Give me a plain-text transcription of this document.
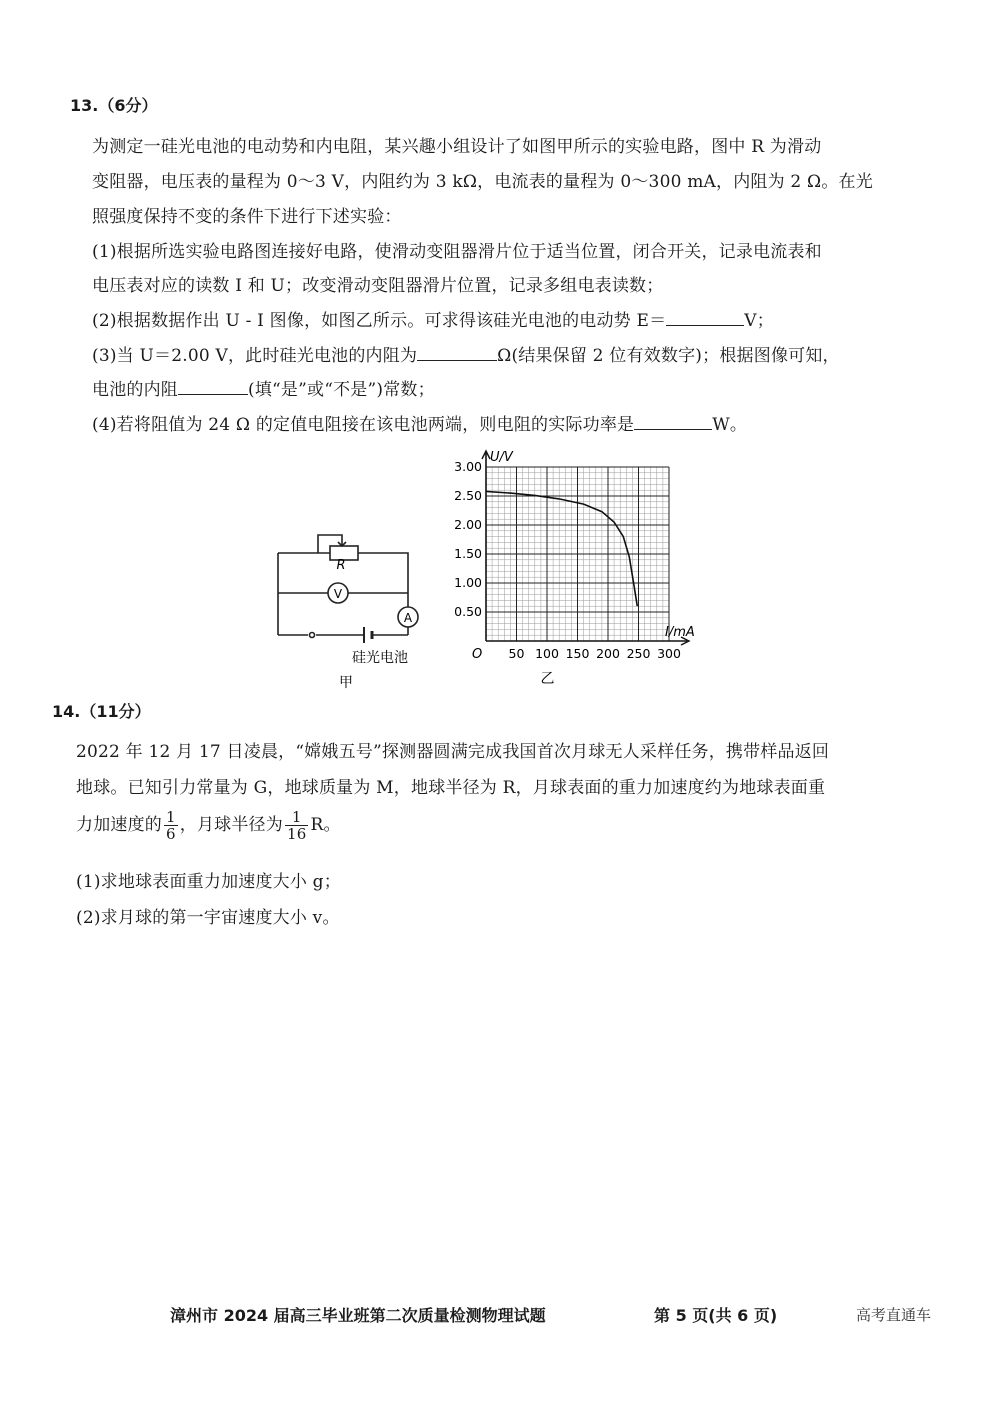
13.（6分）
为测定一硅光电池的电动势和内电阻，某兴趣小组设计了如图甲所示的实验电路，图中 R 为滑动
变阻器，电压表的量程为 0～3 V，内阻约为 3 kΩ，电流表的量程为 0～300 mA，内阻为 2 Ω。在光
照强度保持不变的条件下进行下述实验：
(1)根据所选实验电路图连接好电路，使滑动变阻器滑片位于适当位置，闭合开关，记录电流表和
电压表对应的读数 I 和 U；改变滑动变阻器滑片位置，记录多组电表读数；
(2)根据数据作出 U - I 图像，如图乙所示。可求得该硅光电池的电动势 E＝	V；
(3)当 U＝2.00 V，此时硅光电池的内阻为	Ω(结果保留 2 位有效数字)；根据图像可知，
电池的内阻	(填“是”或“不是”)常数；
(4)若将阻值为 24 Ω 的定值电阻接在该电池两端，则电阻的实际功率是	W。
R
V
A
硅光电池
甲
3.00
2.50
2.00
1.50
1.00
0.50
50 100 150 200 250 300
U/V
I/mA
O
乙
14.（11分）
2022 年 12 月 17 日凌晨，“嫦娥五号”探测器圆满完成我国首次月球无人采样任务，携带样品返回
地球。已知引力常量为 G，地球质量为 M，地球半径为 R，月球表面的重力加速度约为地球表面重
力加速度的 $\frac{1}{6}$ ，月球半径为 $\frac{1}{16}$ R。
(1)求地球表面重力加速度大小 g；
(2)求月球的第一宇宙速度大小 v。
漳州市 2024 届高三毕业班第二次质量检测物理试题	第 5 页(共 6 页)	高考直通车
